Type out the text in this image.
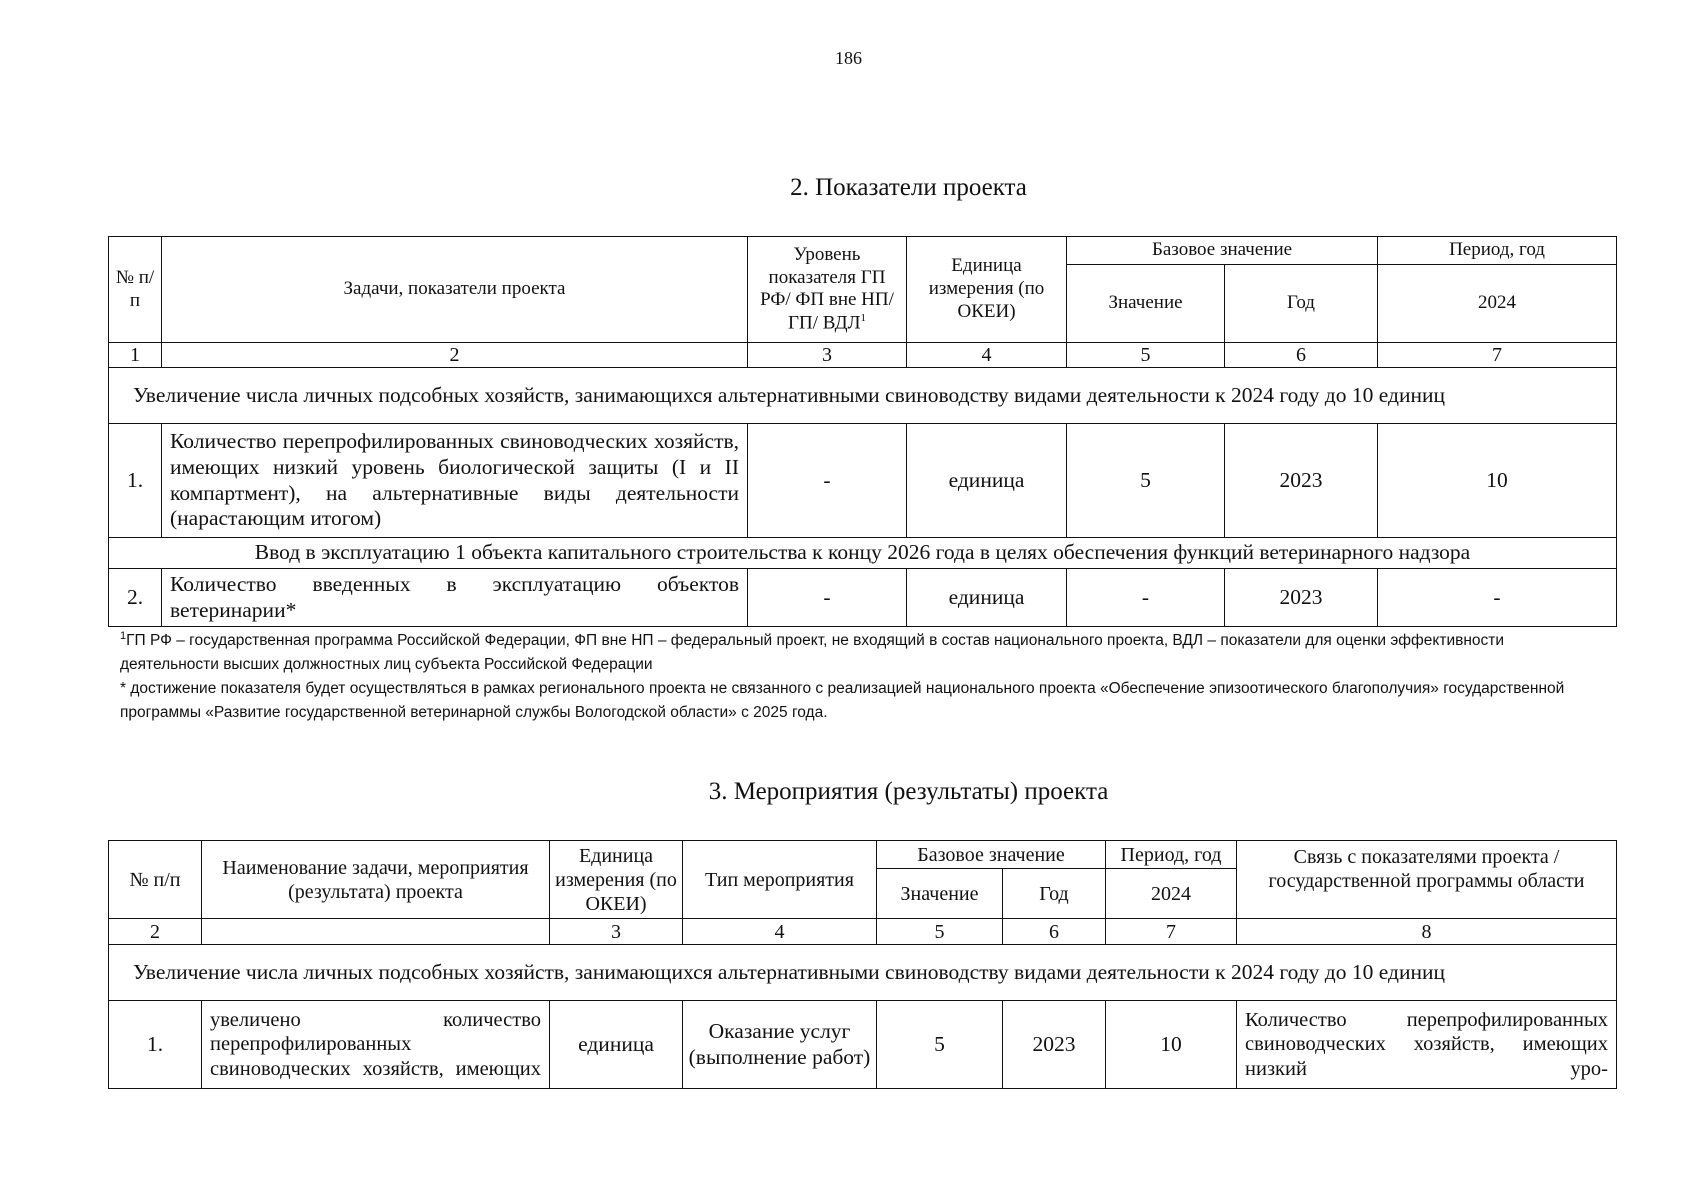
186
2. Показатели проекта
№ п/п	Задачи, показатели проекта	Уровень показателя ГП РФ/ ФП вне НП/ГП/ ВДЛ$^1$	Единица измерения (по ОКЕИ)	Базовое значение		Период, год
				Значение	Год	2024
1	2	3	4	5	6	7
Увеличение числа личных подсобных хозяйств, занимающихся альтернативными свиноводству видами деятельности к 2024 году до 10 единиц						
1.	Количество перепрофилированных свиноводческих хозяйств, имеющих низкий уровень биологической защиты (I и II компартмент), на альтернативные виды деятельности (нарастающим итогом)	-	единица	5	2023	10
Ввод в эксплуатацию 1 объекта капитального строительства к концу 2026 года в целях обеспечения функций ветеринарного надзора						
2.	Количество введенных в эксплуатацию объектов ветеринарии*	-	единица	-	2023	-

$^1$ГП РФ – государственная программа Российской Федерации, ФП вне НП – федеральный проект, не входящий в состав национального проекта, ВДЛ – показатели для оценки эффективности деятельности высших должностных лиц субъекта Российской Федерации

* достижение показателя будет осуществляться в рамках регионального проекта не связанного с реализацией национального проекта «Обеспечение эпизоотического благополучия» государственной программы «Развитие государственной ветеринарной службы Вологодской области» с 2025 года.

3. Мероприятия (результаты) проекта
№ п/п	Наименование задачи, мероприятия (результата) проекта	Единица измерения (по ОКЕИ)	Тип мероприятия	Базовое значение		Период, год	Связь с показателями проекта / государственной программы области
				Значение	Год	2024	
2		3	4	5	6	7	8
Увеличение числа личных подсобных хозяйств, занимающихся альтернативными свиноводству видами деятельности к 2024 году до 10 единиц							
1.	увеличено количество перепрофилированных свиноводческих хозяйств, имеющих	единица	Оказание услуг (выполнение работ)	5	2023	10	Количество перепрофилированных свиноводческих хозяйств, имеющих низкий уро-
